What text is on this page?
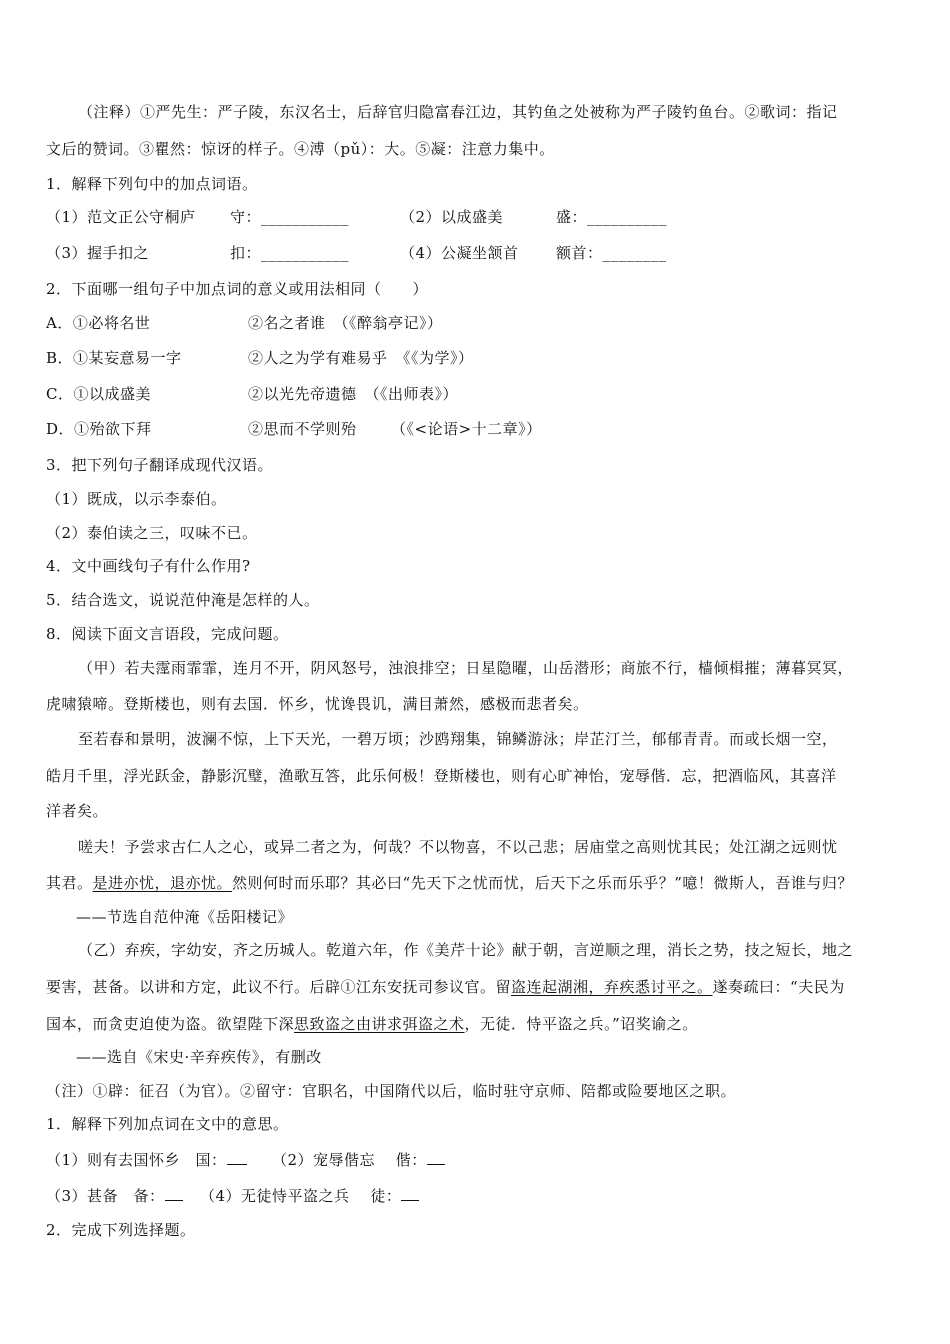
（注释）①严先生：严子陵，东汉名士，后辞官归隐富春江边，其钓鱼之处被称为严子陵钓鱼台。②歌词：指记
文后的赞词。③瞿然：惊讶的样子。④溥（pǔ）：大。⑤凝：注意力集中。
1．解释下列句中的加点词语。
（1）范文正公守桐庐 守：___________	（2）以成盛美	盛：__________
（3）握手扣之	扣：___________	（4）公凝坐颔首 额首：________
2．下面哪一组句子中加点词的意义或用法相同（　　）
A．①必将名世	②名之者谁　（《醉翁亭记》）
B．①某妄意易一字	②人之为学有难易乎　《《为学》）
C．①以成盛美	②以光先帝遗德　（《出师表》）
D．①殆欲下拜	②思而不学则殆 （《<论语>十二章》）
3．把下列句子翻译成现代汉语。
（1）既成，以示李泰伯。
（2）泰伯读之三，叹味不已。
4．文中画线句子有什么作用?
5．结合选文，说说范仲淹是怎样的人。
8．阅读下面文言语段，完成问题。
（甲）若夫霪雨霏霏，连月不开，阴风怒号，浊浪排空；日星隐曜，山岳潜形；商旅不行，樯倾楫摧；薄暮冥冥，
虎啸猿啼。登斯楼也，则有去国．怀乡，忧谗畏讥，满目萧然，感极而悲者矣。
至若春和景明，波澜不惊，上下天光，一碧万顷；沙鸥翔集，锦鳞游泳；岸芷汀兰，郁郁青青。而或长烟一空，
皓月千里，浮光跃金，静影沉璧，渔歌互答，此乐何极！登斯楼也，则有心旷神怡，宠辱偕．忘，把酒临风，其喜洋
洋者矣。
嗟夫！予尝求古仁人之心，或异二者之为，何哉？不以物喜，不以己悲；居庙堂之高则忧其民；处江湖之远则忧
其君。是进亦忧，退亦忧。然则何时而乐耶？其必曰“先天下之忧而忧，后天下之乐而乐乎？”噫！微斯人，吾谁与归？
——节选自范仲淹《岳阳楼记》
（乙）弃疾，字幼安，齐之历城人。乾道六年，作《美芹十论》献于朝，言逆顺之理，消长之势，技之短长，地之
要害，甚备。以讲和方定，此议不行。后辟①江东安抚司参议官。留盗连起湖湘，弃疾悉讨平之。遂奏疏曰：“夫民为
国本，而贪吏迫使为盗。欲望陛下深思致盗之由讲求弭盗之术，无徒．恃平盗之兵。”诏奖谕之。
——选自《宋史·辛弃疾传》，有删改
（注）①辟：征召（为官）。②留守：官职名，中国隋代以后，临时驻守京师、陪都或险要地区之职。
1．解释下列加点词在文中的意思。
（1）则有去国怀乡　国：	（2）宠辱偕忘　 偕：
（3）甚备　备：	（4）无徒恃平盗之兵　 徒：
2．完成下列选择题。
